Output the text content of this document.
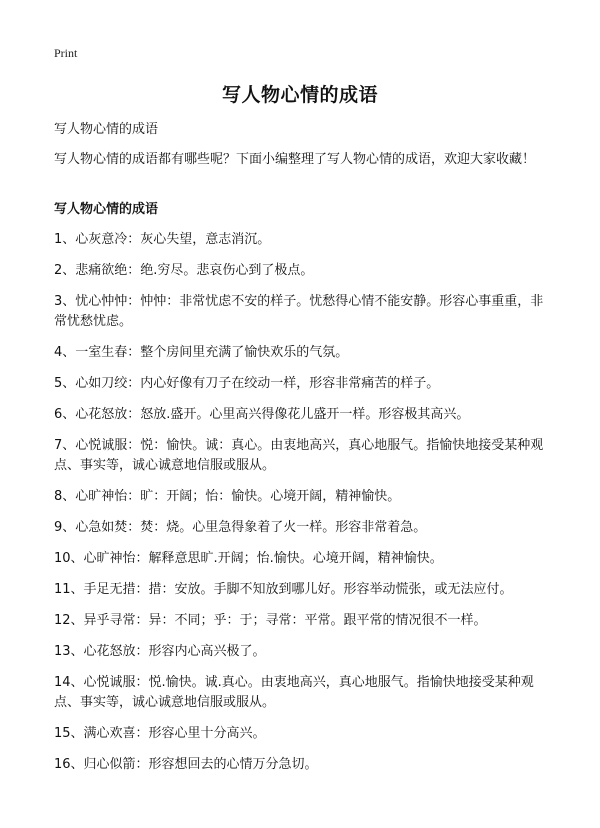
Print
写人物心情的成语
写人物心情的成语
写人物心情的成语都有哪些呢？下面小编整理了写人物心情的成语，欢迎大家收藏！
写人物心情的成语
1、心灰意冷：灰心失望，意志消沉。
2、悲痛欲绝：绝.穷尽。悲哀伤心到了极点。
3、忧心忡忡：忡忡：非常忧虑不安的样子。忧愁得心情不能安静。形容心事重重，非常忧愁忧虑。
4、一室生春：整个房间里充满了愉快欢乐的气氛。
5、心如刀绞：内心好像有刀子在绞动一样，形容非常痛苦的样子。
6、心花怒放：怒放.盛开。心里高兴得像花儿盛开一样。形容极其高兴。
7、心悦诚服：悦：愉快。诚：真心。由衷地高兴，真心地服气。指愉快地接受某种观点、事实等，诚心诚意地信服或服从。
8、心旷神怡：旷：开阔；怡：愉快。心境开阔，精神愉快。
9、心急如焚：焚：烧。心里急得象着了火一样。形容非常着急。
10、心旷神怡：解释意思旷.开阔；怡.愉快。心境开阔，精神愉快。
11、手足无措：措：安放。手脚不知放到哪儿好。形容举动慌张，或无法应付。
12、异乎寻常：异：不同；乎：于；寻常：平常。跟平常的情况很不一样。
13、心花怒放：形容内心高兴极了。
14、心悦诚服：悦.愉快。诚.真心。由衷地高兴，真心地服气。指愉快地接受某种观点、事实等，诚心诚意地信服或服从。
15、满心欢喜：形容心里十分高兴。
16、归心似箭：形容想回去的心情万分急切。
